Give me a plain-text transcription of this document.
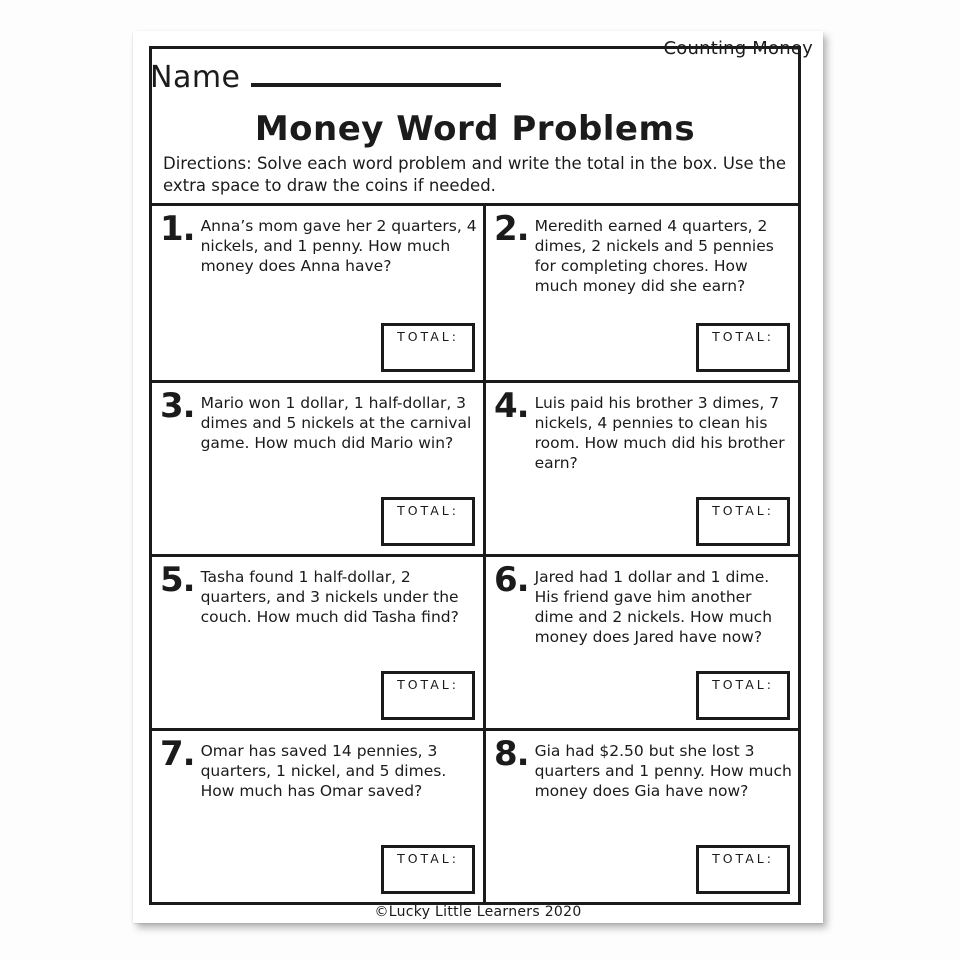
Counting Money
Name
Money Word Problems
Directions: Solve each word problem and write the total in the box. Use the extra space to draw the coins if needed.
1. Anna’s mom gave her 2 quarters, 4 nickels, and 1 penny. How much money does Anna have?

TOTAL:
2. Meredith earned 4 quarters, 2 dimes, 2 nickels and 5 pennies for completing chores. How much money did she earn?

TOTAL:
3. Mario won 1 dollar, 1 half-dollar, 3 dimes and 5 nickels at the carnival game. How much did Mario win?

TOTAL:
4. Luis paid his brother 3 dimes, 7 nickels, 4 pennies to clean his room. How much did his brother earn?

TOTAL:
5. Tasha found 1 half-dollar, 2 quarters, and 3 nickels under the couch. How much did Tasha find?

TOTAL:
6. Jared had 1 dollar and 1 dime. His friend gave him another dime and 2 nickels. How much money does Jared have now?

TOTAL:
7. Omar has saved 14 pennies, 3 quarters, 1 nickel, and 5 dimes. How much has Omar saved?

TOTAL:
8. Gia had $2.50 but she lost 3 quarters and 1 penny. How much money does Gia have now?

TOTAL:
©Lucky Little Learners 2020
